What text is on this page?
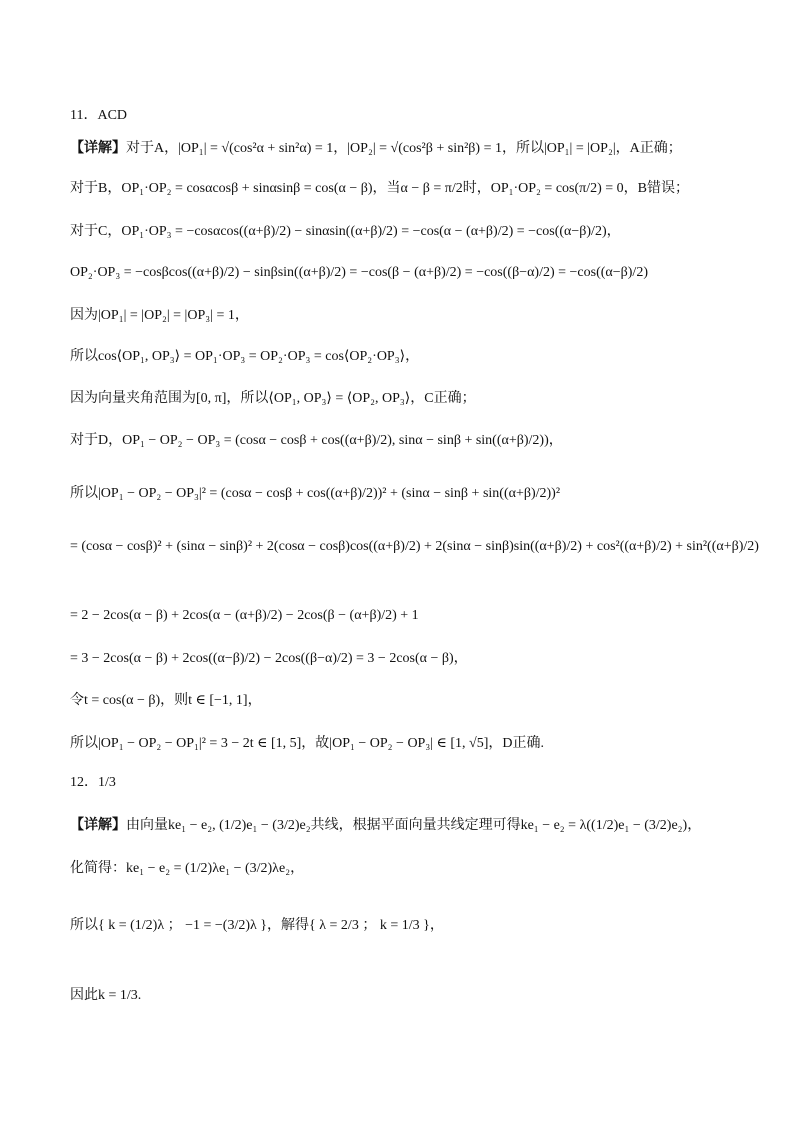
11．ACD
【详解】对于A，|OP₁| = √(cos²α + sin²α) = 1，|OP₂| = √(cos²β + sin²β) = 1，所以|OP₁| = |OP₂|，A正确；
对于B，OP₁·OP₂ = cosαcosβ + sinαsinβ = cos(α − β)，当α − β = π/2时，OP₁·OP₂ = cos(π/2) = 0，B错误；
对于C，OP₁·OP₃ = −cosαcos((α+β)/2) − sinαsin((α+β)/2) = −cos(α − (α+β)/2) = −cos((α−β)/2)，
OP₂·OP₃ = −cosβcos((α+β)/2) − sinβsin((α+β)/2) = −cos(β − (α+β)/2) = −cos((β−α)/2) = −cos((α−β)/2)
因为|OP₁| = |OP₂| = |OP₃| = 1，
所以cos⟨OP₁, OP₃⟩ = OP₁·OP₃ = OP₂·OP₃ = cos⟨OP₂·OP₃⟩，
因为向量夹角范围为[0, π]，所以⟨OP₁, OP₃⟩ = ⟨OP₂, OP₃⟩，C正确；
对于D，OP₁ − OP₂ − OP₃ = (cosα − cosβ + cos((α+β)/2), sinα − sinβ + sin((α+β)/2))，
所以|OP₁ − OP₂ − OP₃|² = (cosα − cosβ + cos((α+β)/2))² + (sinα − sinβ + sin((α+β)/2))²
= (cosα − cosβ)² + (sinα − sinβ)² + 2(cosα − cosβ)cos((α+β)/2) + 2(sinα − sinβ)sin((α+β)/2) + cos²((α+β)/2) + sin²((α+β)/2)
= 2 − 2cos(α − β) + 2cos(α − (α+β)/2) − 2cos(β − (α+β)/2) + 1
= 3 − 2cos(α − β) + 2cos((α−β)/2) − 2cos((β−α)/2) = 3 − 2cos(α − β)，
令t = cos(α − β)，则t ∈ [−1, 1]，
所以|OP₁ − OP₂ − OP₁|² = 3 − 2t ∈ [1, 5]，故|OP₁ − OP₂ − OP₃| ∈ [1, √5]，D正确.
12．1/3
【详解】由向量ke₁ − e₂, (1/2)e₁ − (3/2)e₂共线，根据平面向量共线定理可得ke₁ − e₂ = λ((1/2)e₁ − (3/2)e₂)，
化简得：ke₁ − e₂ = (1/2)λe₁ − (3/2)λe₂，
所以{ k = (1/2)λ ； −1 = −(3/2)λ }，解得{ λ = 2/3 ； k = 1/3 }，
因此k = 1/3.
